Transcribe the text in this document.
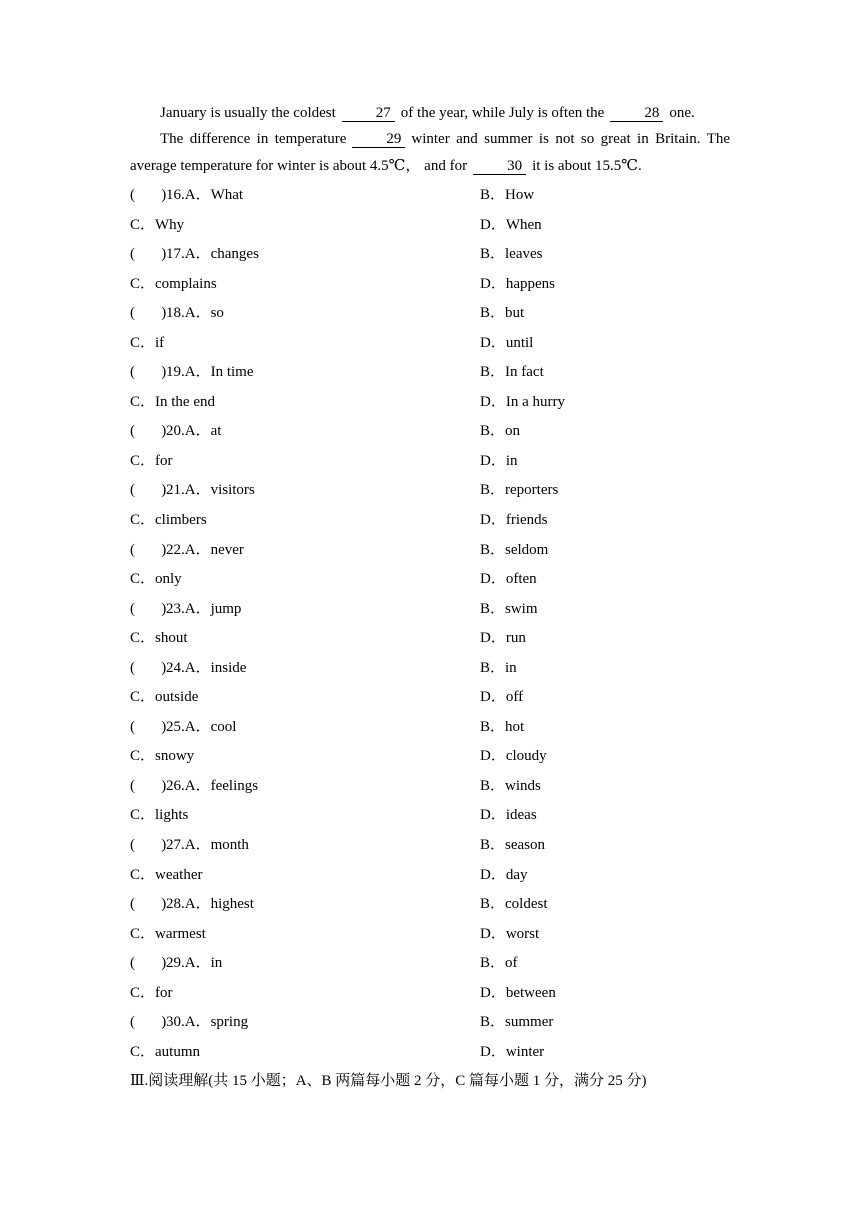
January is usually the coldest	27 of the year, while July is often the	28 one.
The difference in temperature	29 winter and summer is not so great in Britain. The average temperature for winter is about 4.5℃， and for	30 it is about 15.5℃.
(       )16.A．What	B．How
C．Why	D．When
(       )17.A．changes	B．leaves
C．complains	D．happens
(       )18.A．so	B．but
C．if	D．until
(       )19.A．In time	B．In fact
C．In the end	D．In a hurry
(       )20.A．at	B．on
C．for	D．in
(       )21.A．visitors	B．reporters
C．climbers	D．friends
(       )22.A．never	B．seldom
C．only	D．often
(       )23.A．jump	B．swim
C．shout	D．run
(       )24.A．inside	B．in
C．outside	D．off
(       )25.A．cool	B．hot
C．snowy	D．cloudy
(       )26.A．feelings	B．winds
C．lights	D．ideas
(       )27.A．month	B．season
C．weather	D．day
(       )28.A．highest	B．coldest
C．warmest	D．worst
(       )29.A．in	B．of
C．for	D．between
(       )30.A．spring	B．summer
C．autumn	D．winter
Ⅲ.阅读理解(共 15 小题；A、B 两篇每小题 2 分，C 篇每小题 1 分，满分 25 分)
